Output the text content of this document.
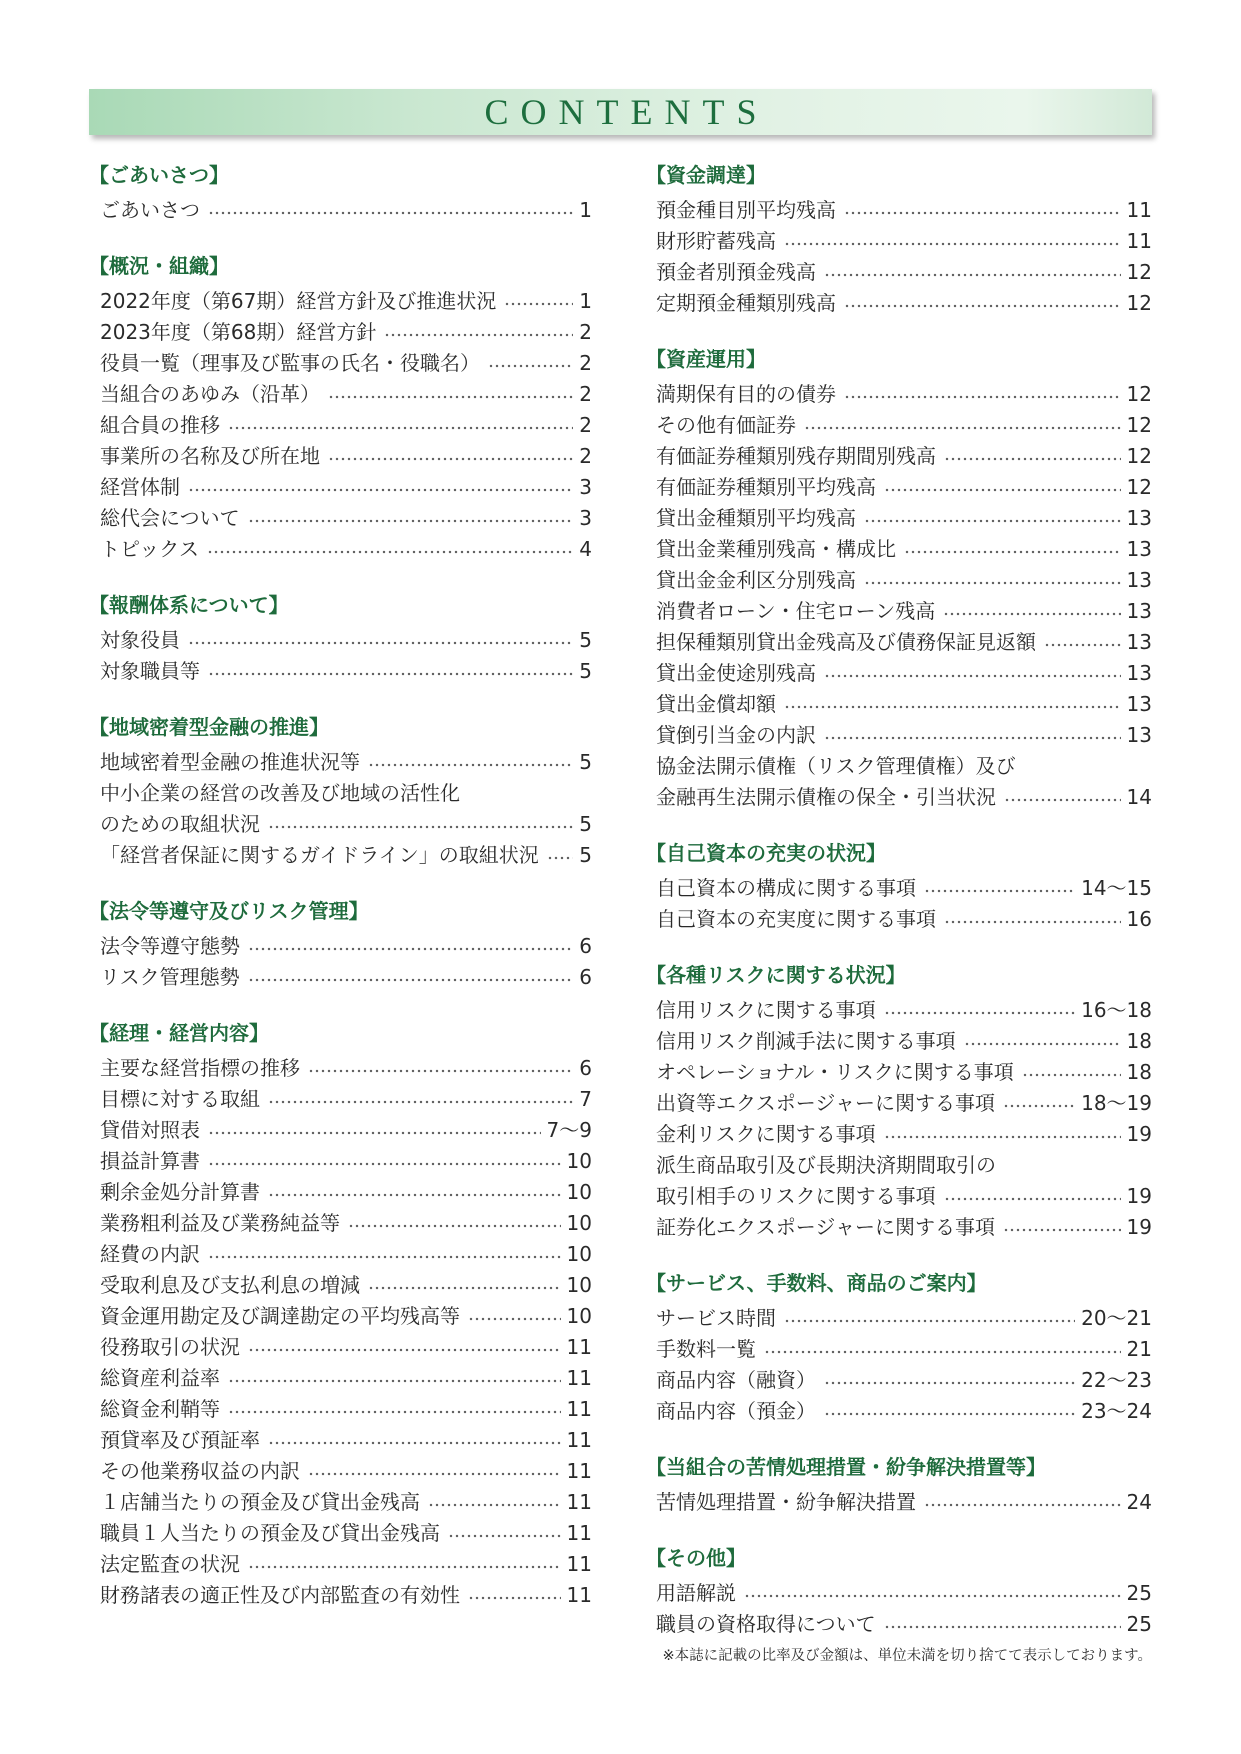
CONTENTS
【ごあいさつ】
ごあいさつ	1
【概況・組織】
2022年度（第67期）経営方針及び推進状況	1
2023年度（第68期）経営方針	2
役員一覧（理事及び監事の氏名・役職名）	2
当組合のあゆみ（沿革）	2
組合員の推移	2
事業所の名称及び所在地	2
経営体制	3
総代会について	3
トピックス	4
【報酬体系について】
対象役員	5
対象職員等	5
【地域密着型金融の推進】
地域密着型金融の推進状況等	5
中小企業の経営の改善及び地域の活性化
のための取組状況	5
「経営者保証に関するガイドライン」の取組状況 5
【法令等遵守及びリスク管理】
法令等遵守態勢	6
リスク管理態勢	6
【経理・経営内容】
主要な経営指標の推移	6
目標に対する取組	7
貸借対照表	7～9
損益計算書	10
剰余金処分計算書	10
業務粗利益及び業務純益等	10
経費の内訳	10
受取利息及び支払利息の増減	10
資金運用勘定及び調達勘定の平均残高等	10
役務取引の状況	11
総資産利益率	11
総資金利鞘等	11
預貸率及び預証率	11
その他業務収益の内訳	11
１店舗当たりの預金及び貸出金残高	11
職員１人当たりの預金及び貸出金残高	11
法定監査の状況	11
財務諸表の適正性及び内部監査の有効性	11
【資金調達】
預金種目別平均残高	11
財形貯蓄残高	11
預金者別預金残高	12
定期預金種類別残高	12
【資産運用】
満期保有目的の債券	12
その他有価証券	12
有価証券種類別残存期間別残高	12
有価証券種類別平均残高	12
貸出金種類別平均残高	13
貸出金業種別残高・構成比	13
貸出金金利区分別残高	13
消費者ローン・住宅ローン残高	13
担保種類別貸出金残高及び債務保証見返額	13
貸出金使途別残高	13
貸出金償却額	13
貸倒引当金の内訳	13
協金法開示債権（リスク管理債権）及び
金融再生法開示債権の保全・引当状況	14
【自己資本の充実の状況】
自己資本の構成に関する事項	14～15
自己資本の充実度に関する事項	16
【各種リスクに関する状況】
信用リスクに関する事項	16～18
信用リスク削減手法に関する事項	18
オペレーショナル・リスクに関する事項	18
出資等エクスポージャーに関する事項	18～19
金利リスクに関する事項	19
派生商品取引及び長期決済期間取引の
取引相手のリスクに関する事項	19
証券化エクスポージャーに関する事項	19
【サービス、手数料、商品のご案内】
サービス時間	20～21
手数料一覧	21
商品内容（融資）	22～23
商品内容（預金）	23～24
【当組合の苦情処理措置・紛争解決措置等】
苦情処理措置・紛争解決措置	24
【その他】
用語解説	25
職員の資格取得について	25
※本誌に記載の比率及び金額は、単位未満を切り捨てて表示しております。
